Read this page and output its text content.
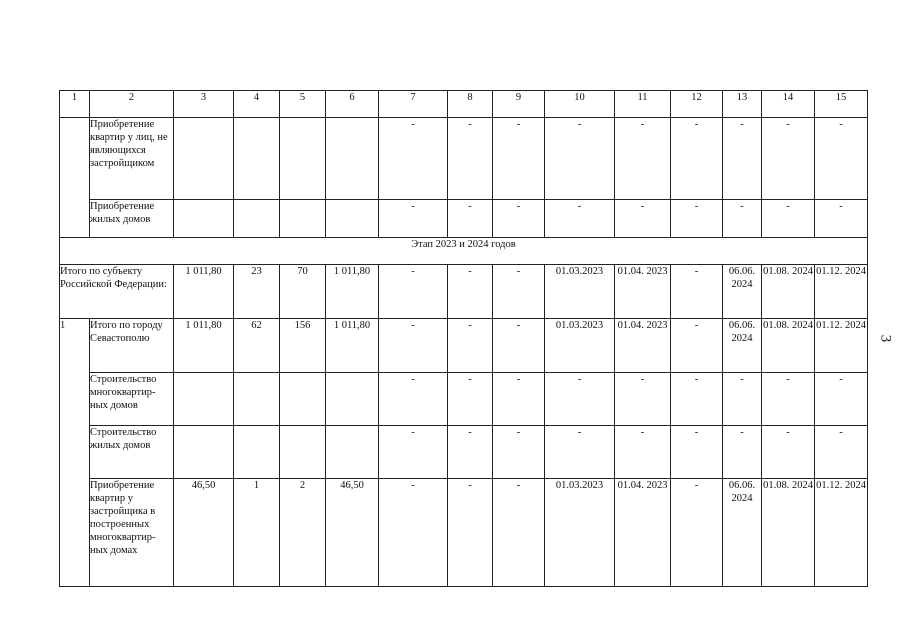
3
1	2	3	4	5	6	7	8	9	10	11	12	13	14	15
	Приобретение квартир у лиц, не являющихся застройщиком					-	-	-	-	-	-	-	-	-
	Приобретение жилых домов					-	-	-	-	-	-	-	-	-
Этап 2023 и 2024 годов														
Итого по субъекту Российской Федерации:		1 011,80	23	70	1 011,80	-	-	-	01.03.2023	01.04. 2023	-	06.06. 2024	01.08. 2024	01.12. 2024
1	Итого по городу Севастополю	1 011,80	62	156	1 011,80	-	-	-	01.03.2023	01.04. 2023	-	06.06. 2024	01.08. 2024	01.12. 2024
	Строительство многоквартир-ных домов					-	-	-	-	-	-	-	-	-
	Строительство жилых домов					-	-	-	-	-	-	-	-	-
	Приобретение квартир у застройщика в построенных многоквартир-ных домах	46,50	1	2	46,50	-	-	-	01.03.2023	01.04. 2023	-	06.06. 2024	01.08. 2024	01.12. 2024
